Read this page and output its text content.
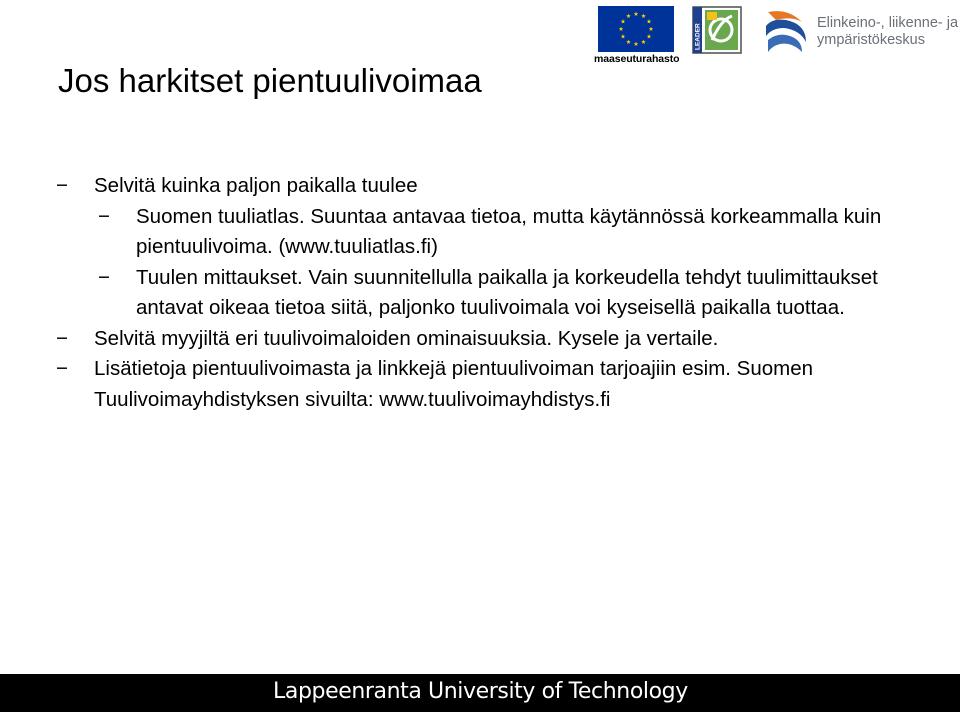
maaseuturahasto
LEADER
Elinkeino-, liikenne- ja
ympäristökeskus
Jos harkitset pientuulivoimaa
−	Selvitä kuinka paljon paikalla tuulee
−	Suomen tuuliatlas. Suuntaa antavaa tietoa, mutta käytännössä korkeammalla kuin pientuulivoima. (www.tuuliatlas.fi)
−	Tuulen mittaukset. Vain suunnitellulla paikalla ja korkeudella tehdyt tuulimittaukset antavat oikeaa tietoa siitä, paljonko tuulivoimala voi kyseisellä paikalla tuottaa.
−	Selvitä myyjiltä eri tuulivoimaloiden ominaisuuksia. Kysele ja vertaile.
−	Lisätietoja pientuulivoimasta ja linkkejä pientuulivoiman tarjoajiin esim. Suomen Tuulivoimayhdistyksen sivuilta: www.tuulivoimayhdistys.fi
Lappeenranta University of Technology
